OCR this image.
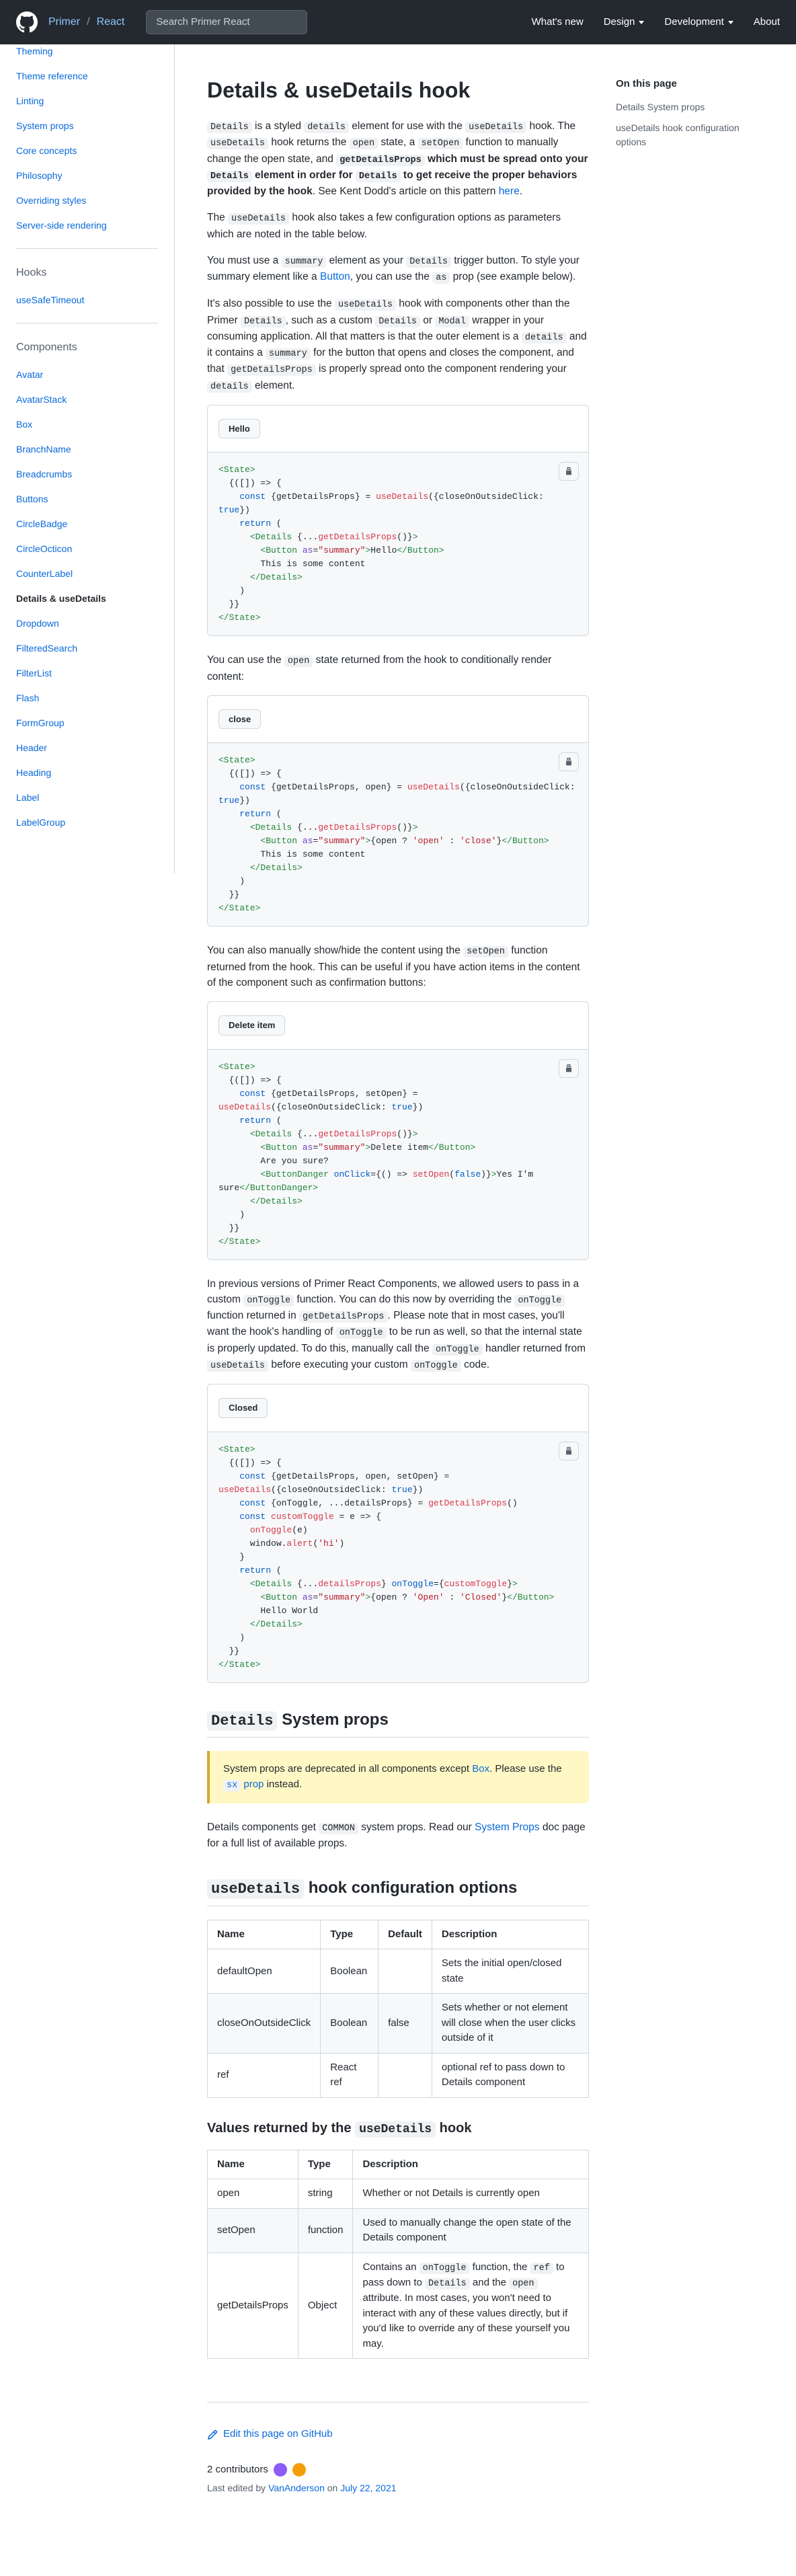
Primer / React	Search Primer React	What's new Design	Development	About
Theming
Theme reference
Linting
System props
Core concepts
Philosophy
Overriding styles
Server-side rendering
Hooks
useSafeTimeout
Components
Avatar
AvatarStack
Box
BranchName
Breadcrumbs
Buttons
CircleBadge
CircleOcticon
CounterLabel
Details & useDetails
Dropdown
FilteredSearch
FilterList
Flash
FormGroup
Header
Heading
Label
LabelGroup
Details & useDetails hook

Details is a styled details element for use with the useDetails hook. The useDetails hook returns the open state, a setOpen function to manually change the open state, and getDetailsProps which must be spread onto your Details element in order for Details to get receive the proper behaviors provided by the hook. See Kent Dodd's article on this pattern here.

The useDetails hook also takes a few configuration options as parameters which are noted in the table below.

You must use a summary element as your Details trigger button. To style your summary element like a Button, you can use the as prop (see example below).

It's also possible to use the useDetails hook with components other than the Primer Details , such as a custom Details or Modal wrapper in your consuming application. All that matters is that the outer element is a details and it contains a summary for the button that opens and closes the component, and that getDetailsProps is properly spread onto the component rendering your details element.

Hello
<State>
{([]) => {
const {getDetailsProps} = useDetails({closeOnOutsideClick: true})
return (
<Details {...getDetailsProps()}>
<Button as="summary">Hello</Button>
This is some content
</Details>
)
}}
</State>

You can use the open state returned from the hook to conditionally render content:

close
<State>
{([]) => {
const {getDetailsProps, open} = useDetails({closeOnOutsideClick: true})
return (
<Details {...getDetailsProps()}>
<Button as="summary">{open ? 'open' : 'close'}</Button>
This is some content
</Details>
)
}}
</State>

You can also manually show/hide the content using the setOpen function returned from the hook. This can be useful if you have action items in the content of the component such as confirmation buttons:

Delete item
<State>
{([]) => {
const {getDetailsProps, setOpen} = useDetails({closeOnOutsideClick: true})
return (
<Details {...getDetailsProps()}>
<Button as="summary">Delete item</Button>
Are you sure?
<ButtonDanger onClick={() => setOpen(false)}>Yes I'm sure</ButtonDanger>
</Details>
)
}}
</State>

In previous versions of Primer React Components, we allowed users to pass in a custom onToggle function. You can do this now by overriding the onToggle function returned in getDetailsProps . Please note that in most cases, you'll want the hook's handling of onToggle to be run as well, so that the internal state is properly updated. To do this, manually call the onToggle handler returned from useDetails before executing your custom onToggle code.

Closed
<State>
{([]) => {
const {getDetailsProps, open, setOpen} = useDetails({closeOnOutsideClick: true})
const {onToggle, ...detailsProps} = getDetailsProps()
const customToggle = e => {
onToggle(e)
window.alert('hi')
}
return (
<Details {...detailsProps} onToggle={customToggle}>
<Button as="summary">{open ? 'Open' : 'Closed'}</Button>
Hello World
</Details>
)
}}
</State>
Details System props
System props are deprecated in all components except Box. Please use the sx prop instead.

Details components get COMMON system props. Read our System Props doc page for a full list of available props.

useDetails hook configuration options
Name	Type	Default	Description
defaultOpen	Boolean		Sets the initial open/closed state
closeOnOutsideClick	Boolean	false	Sets whether or not element will close when the user clicks outside of it
ref	React ref		optional ref to pass down to Details component
Values returned by the useDetails hook
Name	Type	Description
open	string	Whether or not Details is currently open
setOpen	function	Used to manually change the open state of the Details component
getDetailsProps	Object	Contains an onToggle function, the ref to pass down to Details and the open attribute. In most cases, you won't need to interact with any of these values directly, but if you'd like to override any of these yourself you may.
Edit this page on GitHub
2 contributors
Last edited by VanAnderson on July 22, 2021
On this page
Details System props
useDetails hook configuration options
